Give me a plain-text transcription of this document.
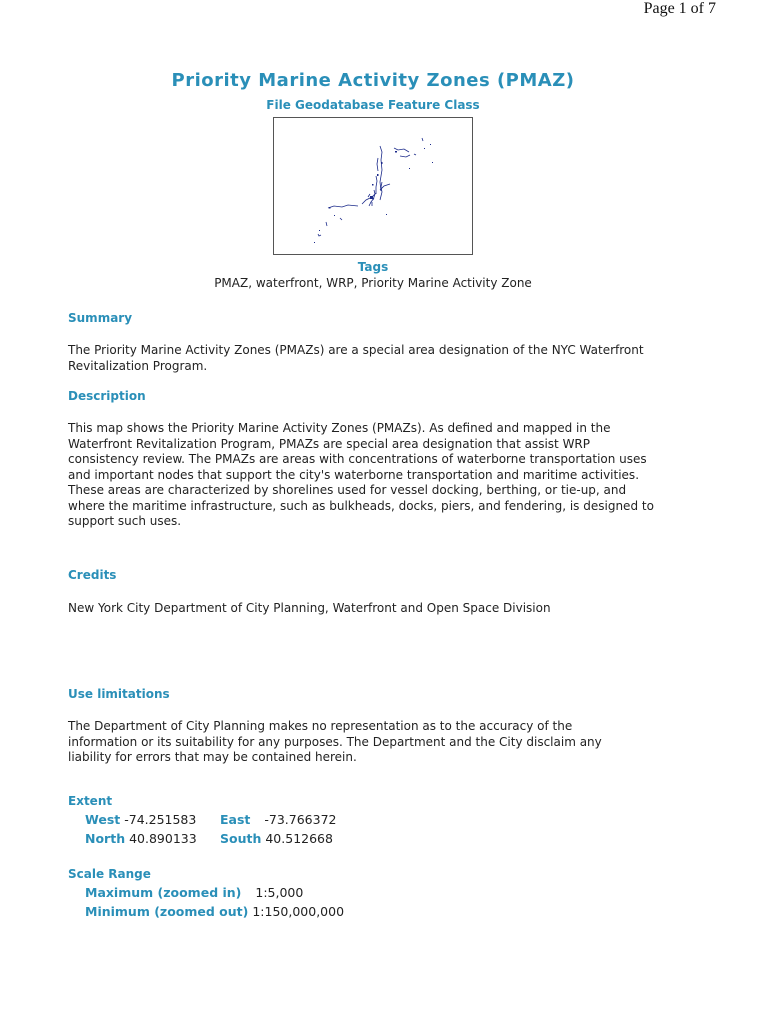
Page 1 of 7
Priority Marine Activity Zones (PMAZ)
File Geodatabase Feature Class
Tags
PMAZ, waterfront, WRP, Priority Marine Activity Zone
Summary
The Priority Marine Activity Zones (PMAZs) are a special area designation of the NYC Waterfront Revitalization Program.
Description
This map shows the Priority Marine Activity Zones (PMAZs). As defined and mapped in the Waterfront Revitalization Program, PMAZs are special area designation that assist WRP consistency review. The PMAZs are areas with concentrations of waterborne transportation uses and important nodes that support the city's waterborne transportation and maritime activities. These areas are characterized by shorelines used for vessel docking, berthing, or tie-up, and where the maritime infrastructure, such as bulkheads, docks, piers, and fendering, is designed to support such uses.
Credits
New York City Department of City Planning, Waterfront and Open Space Division
Use limitations
The Department of City Planning makes no representation as to the accuracy of the information or its suitability for any purposes. The Department and the City disclaim any liability for errors that may be contained herein.
Extent
West -74.251583 East -73.766372
North 40.890133 South 40.512668
Scale Range
Maximum (zoomed in) 1:5,000
Minimum (zoomed out) 1:150,000,000
